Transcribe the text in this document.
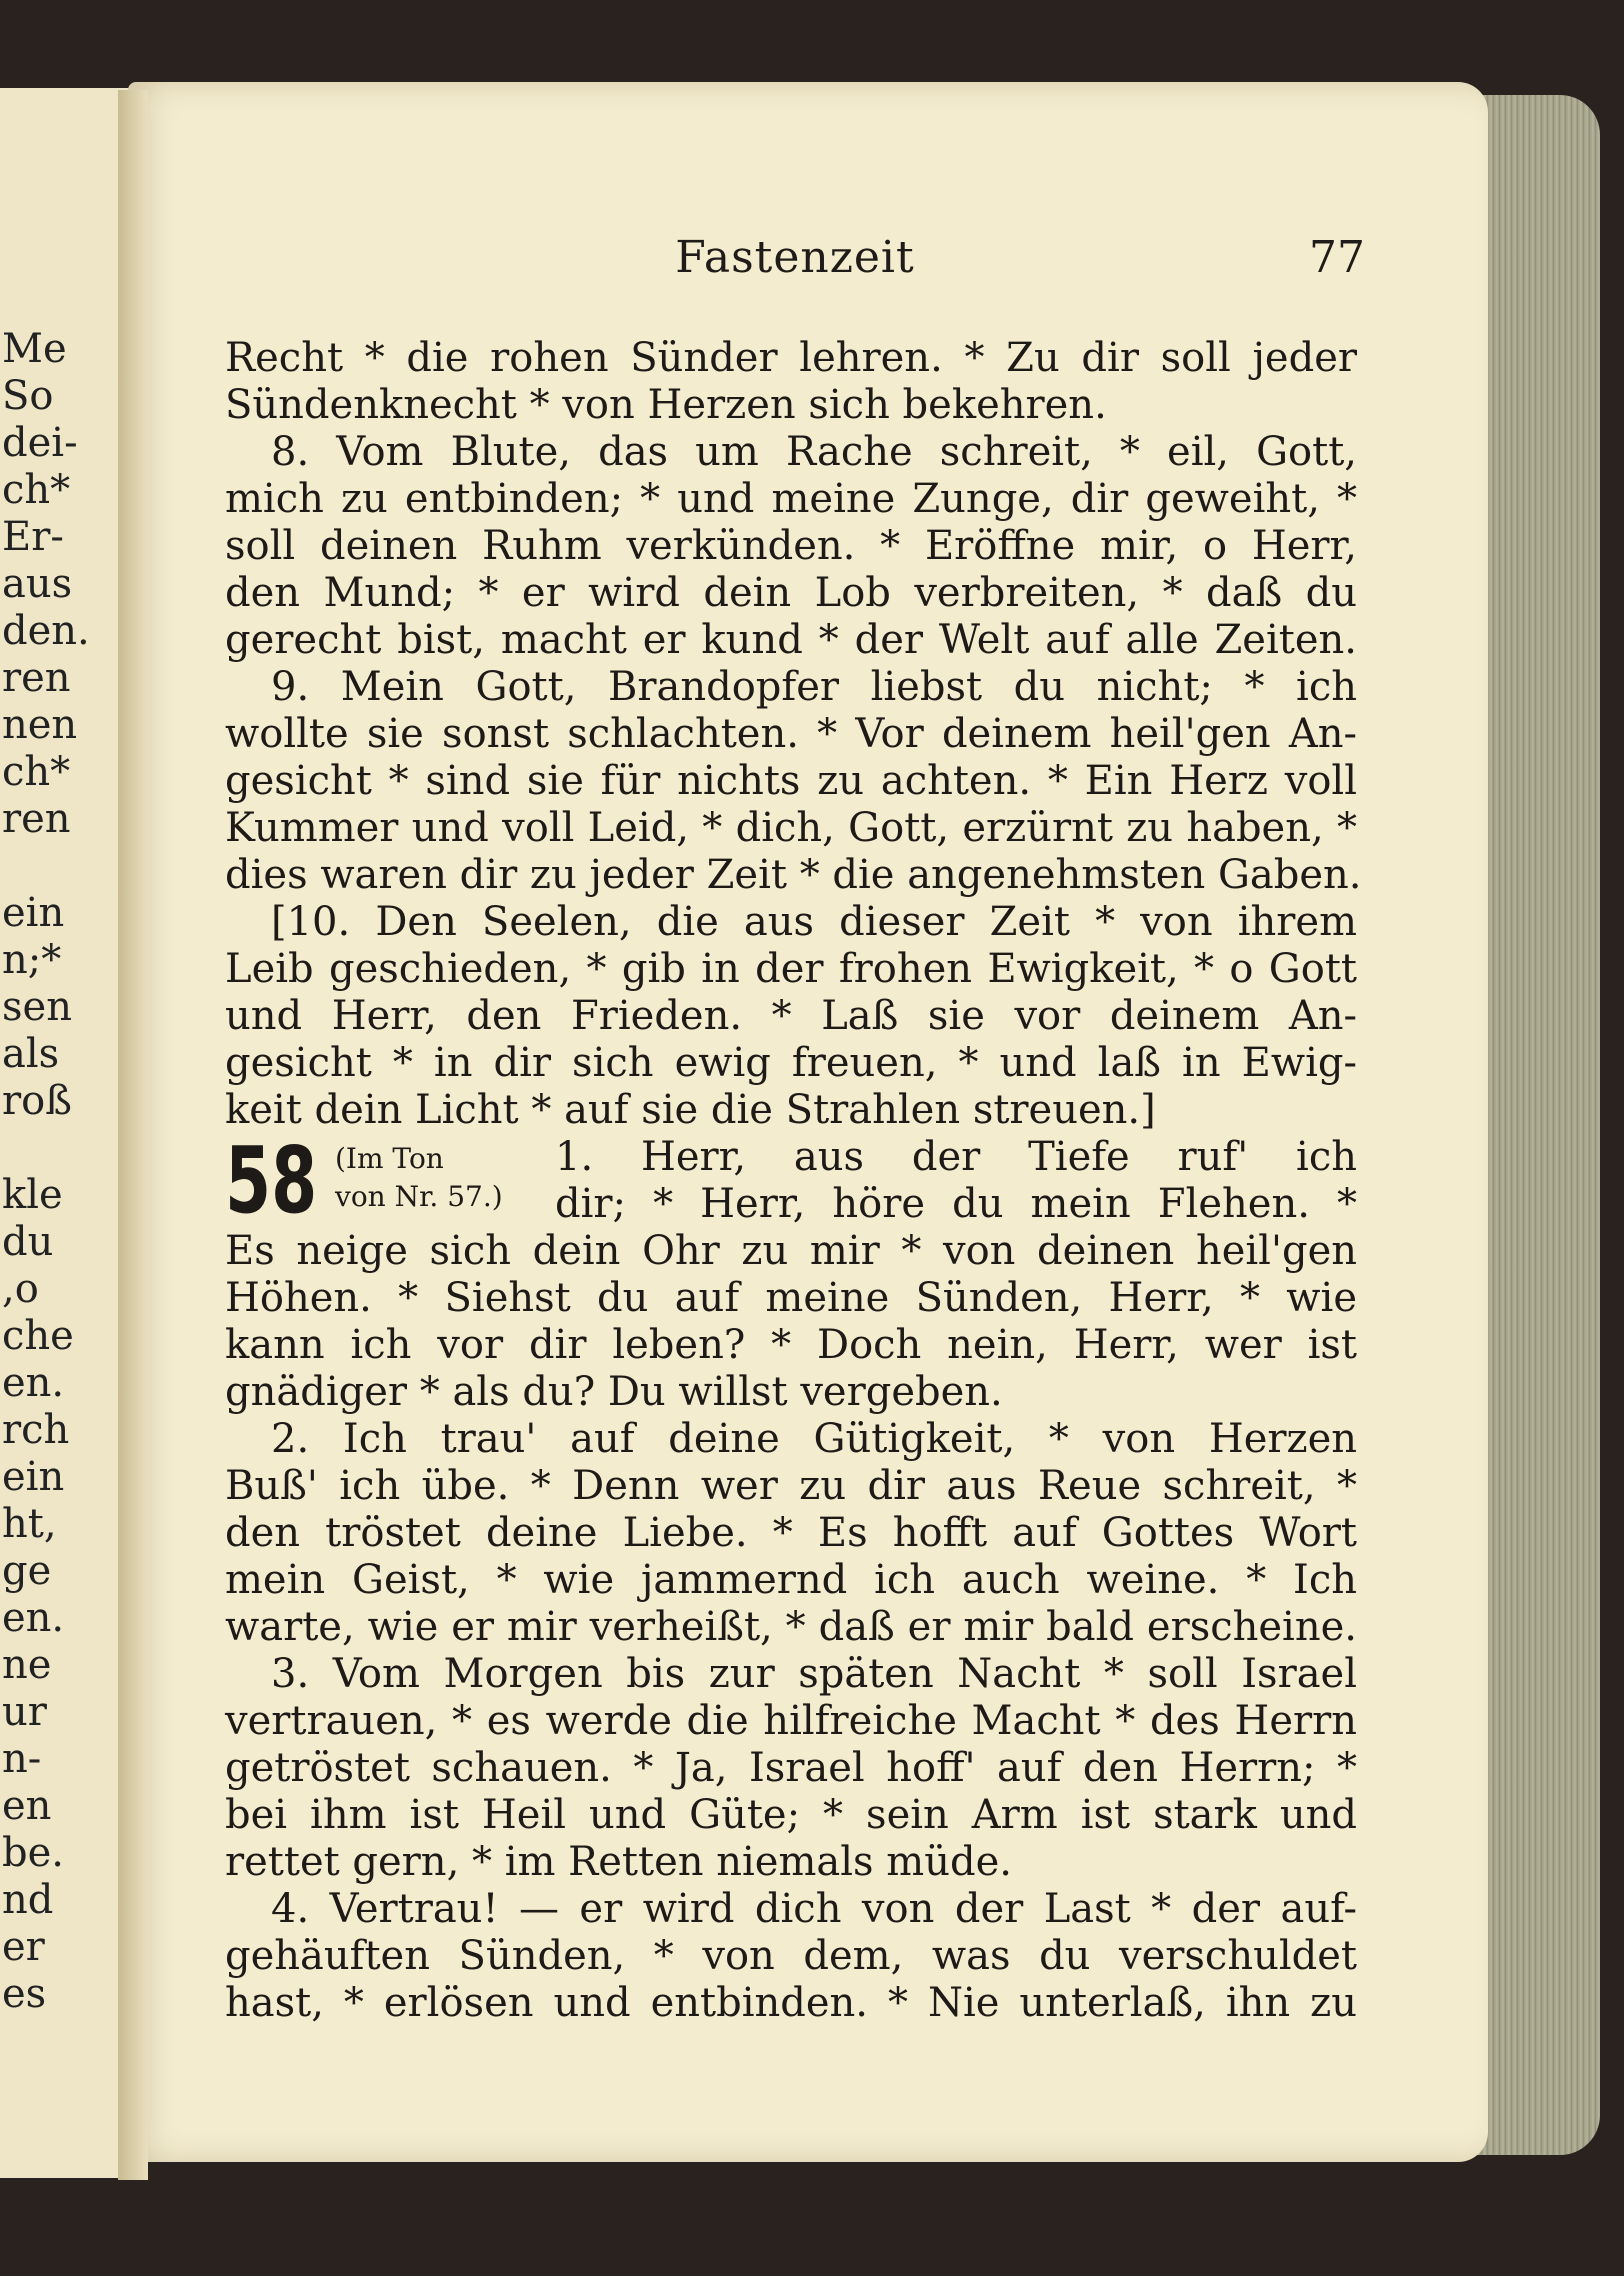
Me
So
dei-
ch*
Er-
aus
den.
ren
nen
ch*
ren
ein
n;*
sen
als
roß
kle
du
,o
che
en.
rch
ein
ht,
ge
en.
ne
ur
n-
en
be.
nd
er
es
Fastenzeit	77
Recht * die rohen Sünder lehren. * Zu dir soll jeder
Sündenknecht * von Herzen sich bekehren.
8. Vom Blute, das um Rache schreit, * eil, Gott,
mich zu entbinden; * und meine Zunge, dir geweiht, *
soll deinen Ruhm verkünden. * Eröffne mir, o Herr,
den Mund; * er wird dein Lob verbreiten, * daß du
gerecht bist, macht er kund * der Welt auf alle Zeiten.
9. Mein Gott, Brandopfer liebst du nicht; * ich
wollte sie sonst schlachten. * Vor deinem heil'gen An-
gesicht * sind sie für nichts zu achten. * Ein Herz voll
Kummer und voll Leid, * dich, Gott, erzürnt zu haben, *
dies waren dir zu jeder Zeit * die angenehmsten Gaben.
[10. Den Seelen, die aus dieser Zeit * von ihrem
Leib geschieden, * gib in der frohen Ewigkeit, * o Gott
und Herr, den Frieden. * Laß sie vor deinem An-
gesicht * in dir sich ewig freuen, * und laß in Ewig-
keit dein Licht * auf sie die Strahlen streuen.]
58 (Im Ton
von Nr. 57.)
1. Herr, aus der Tiefe ruf' ich
dir; * Herr, höre du mein Flehen. *
Es neige sich dein Ohr zu mir * von deinen heil'gen
Höhen. * Siehst du auf meine Sünden, Herr, * wie
kann ich vor dir leben? * Doch nein, Herr, wer ist
gnädiger * als du? Du willst vergeben.
2. Ich trau' auf deine Gütigkeit, * von Herzen
Buß' ich übe. * Denn wer zu dir aus Reue schreit, *
den tröstet deine Liebe. * Es hofft auf Gottes Wort
mein Geist, * wie jammernd ich auch weine. * Ich
warte, wie er mir verheißt, * daß er mir bald erscheine.
3. Vom Morgen bis zur späten Nacht * soll Israel
vertrauen, * es werde die hilfreiche Macht * des Herrn
getröstet schauen. * Ja, Israel hoff' auf den Herrn; *
bei ihm ist Heil und Güte; * sein Arm ist stark und
rettet gern, * im Retten niemals müde.
4. Vertrau! — er wird dich von der Last * der auf-
gehäuften Sünden, * von dem, was du verschuldet
hast, * erlösen und entbinden. * Nie unterlaß, ihn zu
